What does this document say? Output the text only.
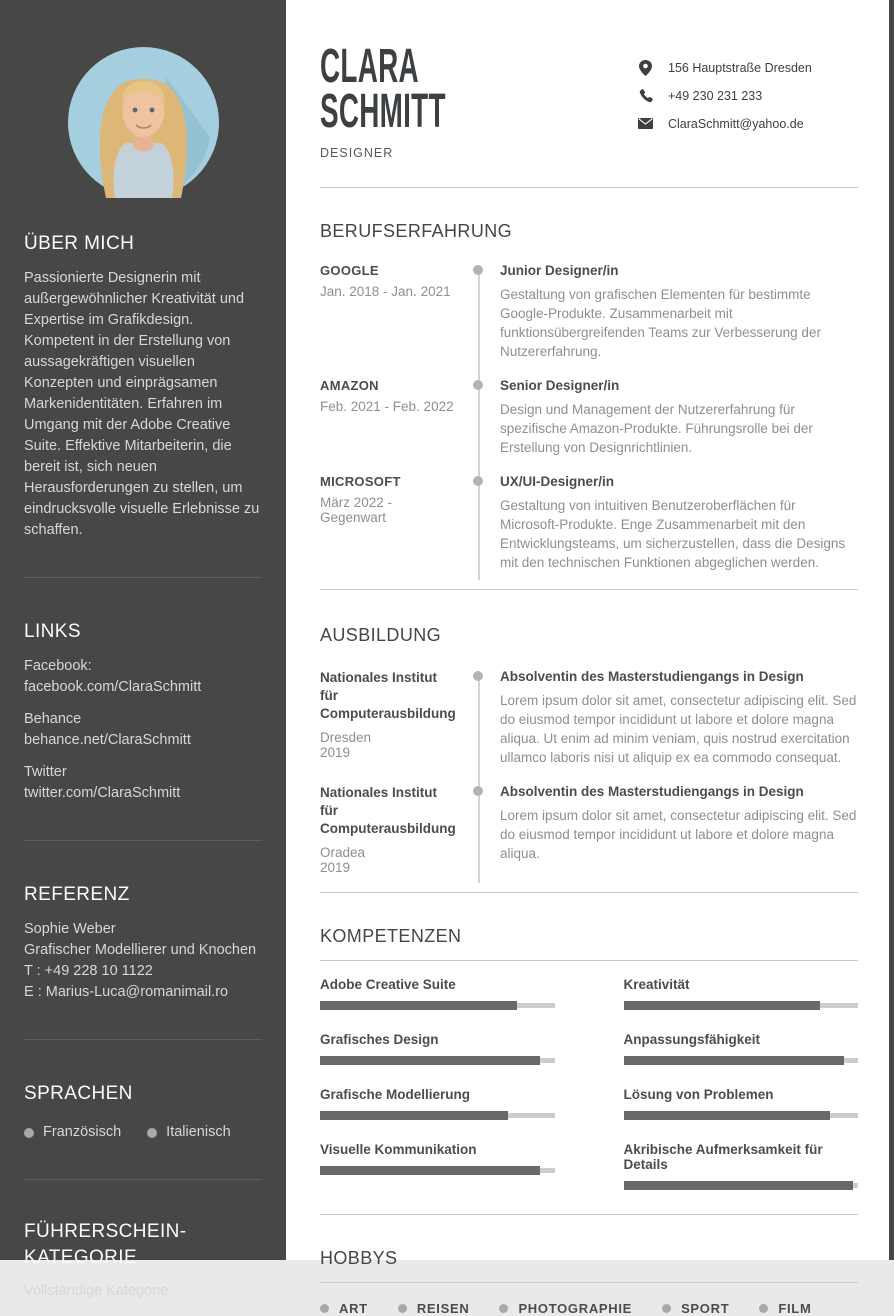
ÜBER MICH

Passionierte Designerin mit außergewöhnlicher Kreativität und Expertise im Grafikdesign. Kompetent in der Erstellung von aussagekräftigen visuellen Konzepten und einprägsamen Markenidentitäten. Erfahren im Umgang mit der Adobe Creative Suite. Effektive Mitarbeiterin, die bereit ist, sich neuen Herausforderungen zu stellen, um eindrucksvolle visuelle Erlebnisse zu schaffen.

LINKS
Facebook:
facebook.com/ClaraSchmitt
Behance
behance.net/ClaraSchmitt
Twitter
twitter.com/ClaraSchmitt
REFERENZ
Sophie Weber
Grafischer Modellierer und Knochen
T : +49 228 10 1122
E : Marius-Luca@romanimail.ro
SPRACHEN
Französisch	Italienisch
FÜHRERSCHEIN-KATEGORIE
Vollständige Kategorie
CLARA
SCHMITT
DESIGNER
156 Hauptstraße Dresden
+49 230 231 233
ClaraSchmitt@yahoo.de
BERUFSERFAHRUNG
GOOGLE
Jan. 2018 - Jan. 2021
Junior Designer/in
Gestaltung von grafischen Elementen für bestimmte Google-Produkte. Zusammenarbeit mit funktionsübergreifenden Teams zur Verbesserung der Nutzererfahrung.
AMAZON
Feb. 2021 - Feb. 2022
Senior Designer/in
Design und Management der Nutzererfahrung für spezifische Amazon-Produkte. Führungsrolle bei der Erstellung von Designrichtlinien.
MICROSOFT
März 2022 - Gegenwart
UX/UI-Designer/in
Gestaltung von intuitiven Benutzeroberflächen für Microsoft-Produkte. Enge Zusammenarbeit mit den Entwicklungsteams, um sicherzustellen, dass die Designs mit den technischen Funktionen abgeglichen werden.
AUSBILDUNG
Nationales Institut für Computerausbildung
Dresden
2019
Absolventin des Masterstudiengangs in Design
Lorem ipsum dolor sit amet, consectetur adipiscing elit. Sed do eiusmod tempor incididunt ut labore et dolore magna aliqua. Ut enim ad minim veniam, quis nostrud exercitation ullamco laboris nisi ut aliquip ex ea commodo consequat.
Nationales Institut für Computerausbildung
Oradea
2019
Absolventin des Masterstudiengangs in Design
Lorem ipsum dolor sit amet, consectetur adipiscing elit. Sed do eiusmod tempor incididunt ut labore et dolore magna aliqua.
KOMPETENZEN
Adobe Creative Suite
Grafisches Design
Grafische Modellierung
Visuelle Kommunikation
Kreativität
Anpassungsfähigkeit
Lösung von Problemen
Akribische Aufmerksamkeit für Details
HOBBYS
ART	REISEN	PHOTOGRAPHIE	SPORT	FILM
